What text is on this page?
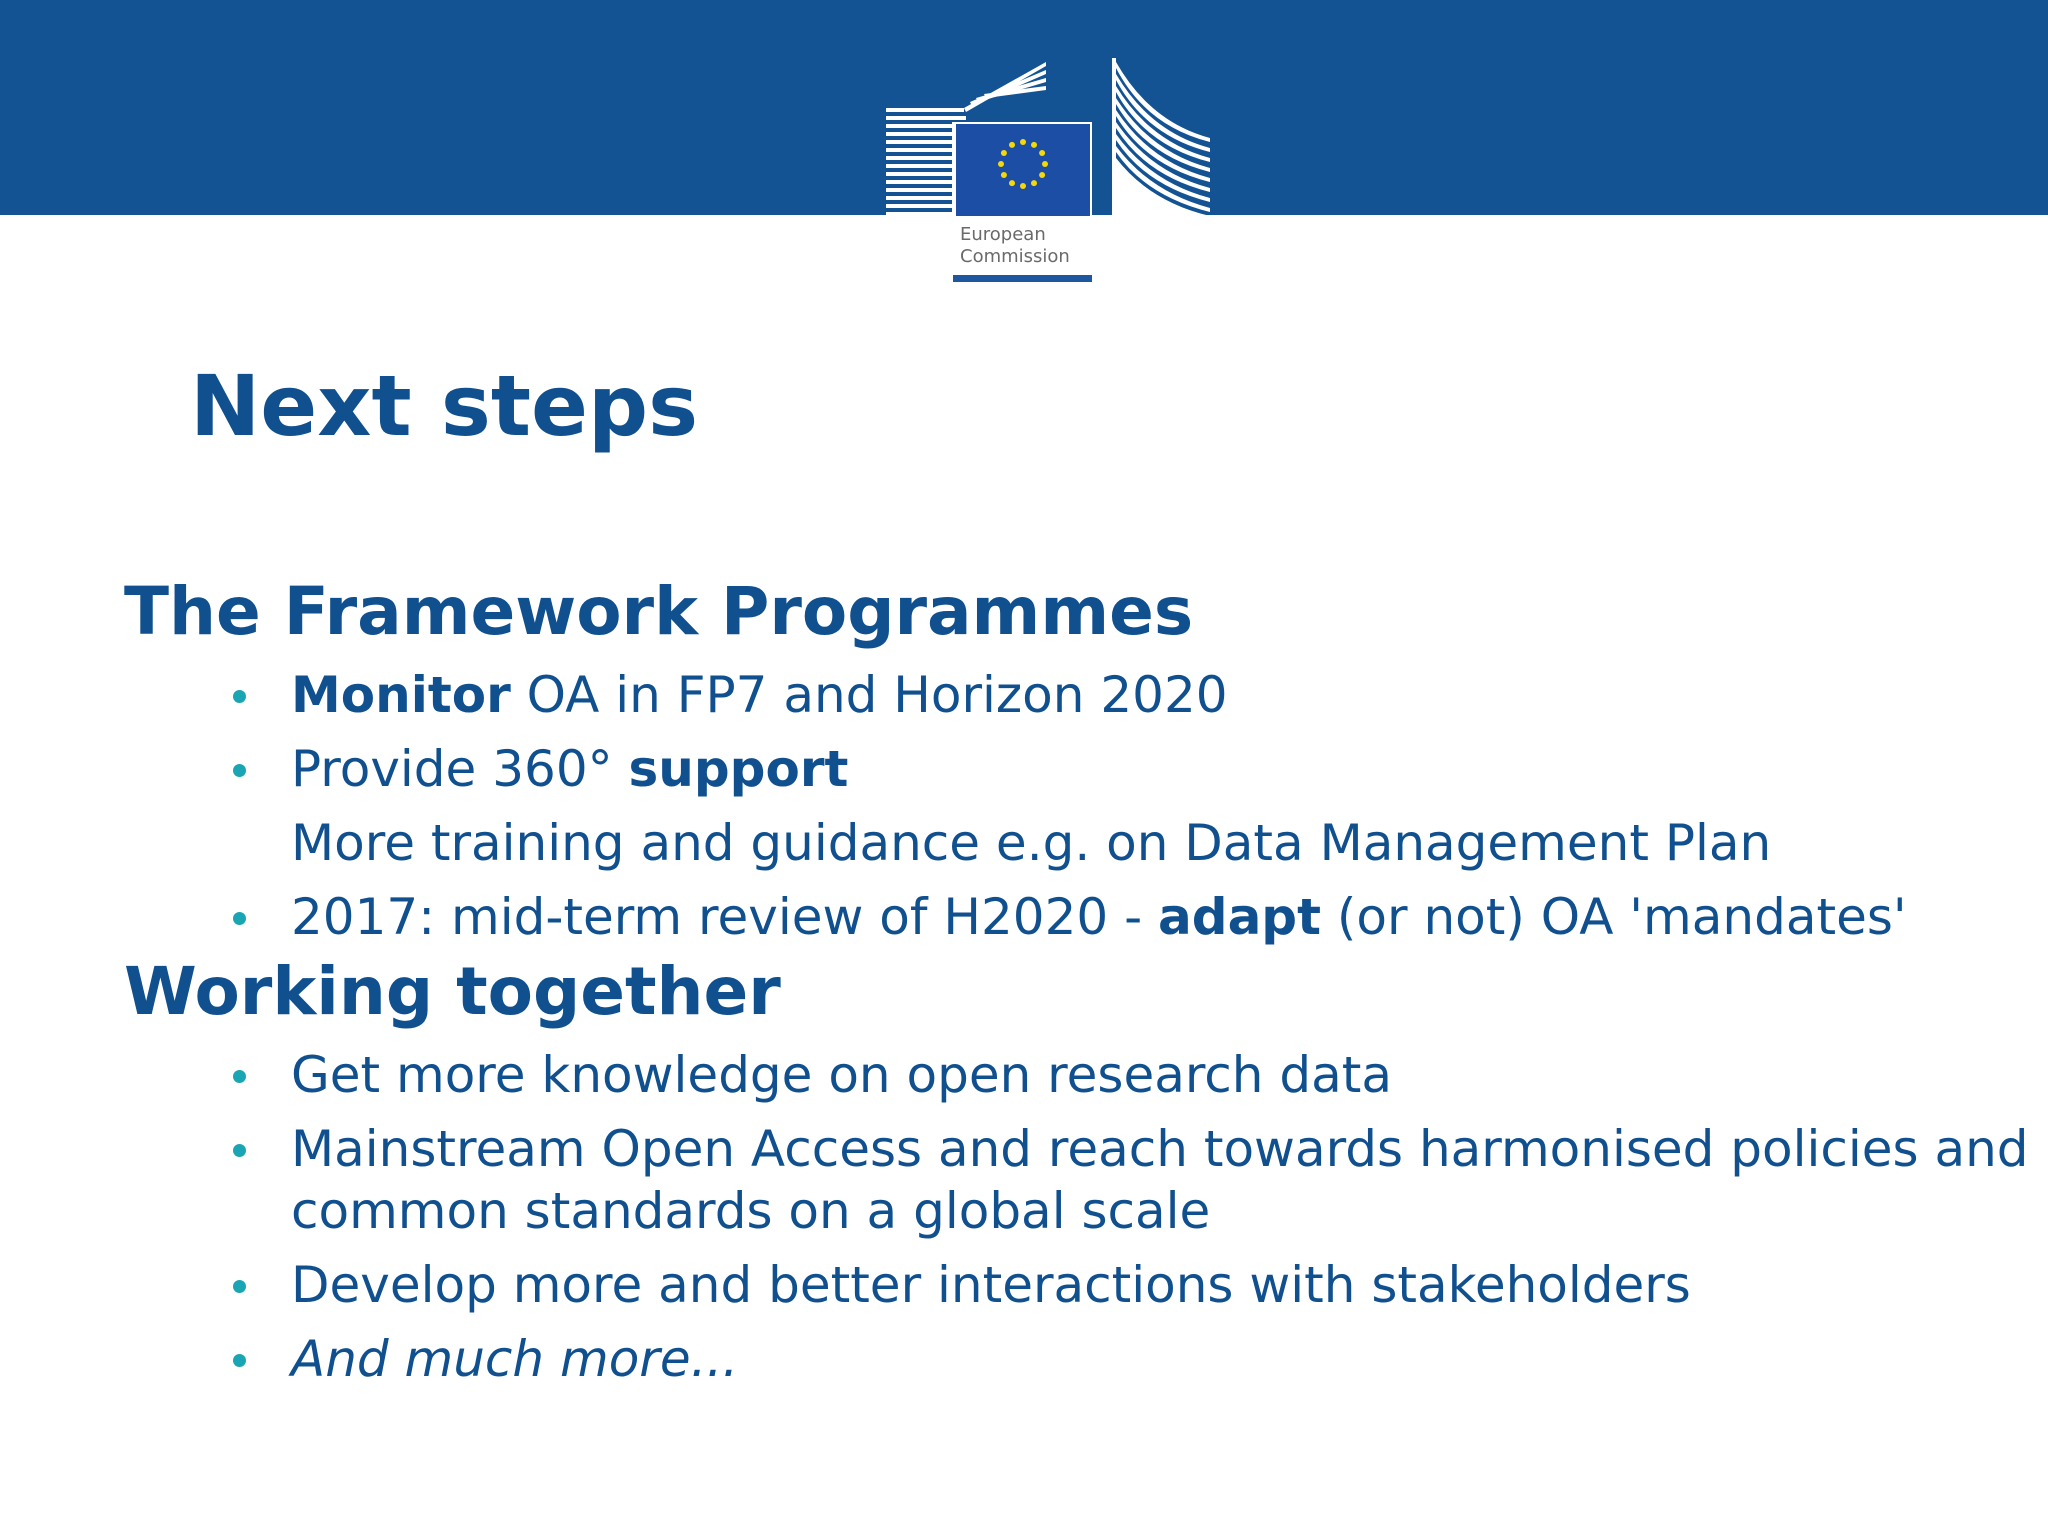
European
Commission
Next steps
The Framework Programmes
Monitor OA in FP7 and Horizon 2020
Provide 360° support
More training and guidance e.g. on Data Management Plan
2017: mid-term review of H2020 - adapt (or not) OA 'mandates'
Working together
Get more knowledge on open research data
Mainstream Open Access and reach towards harmonised policies and common standards on a global scale
Develop more and better interactions with stakeholders
And much more...
